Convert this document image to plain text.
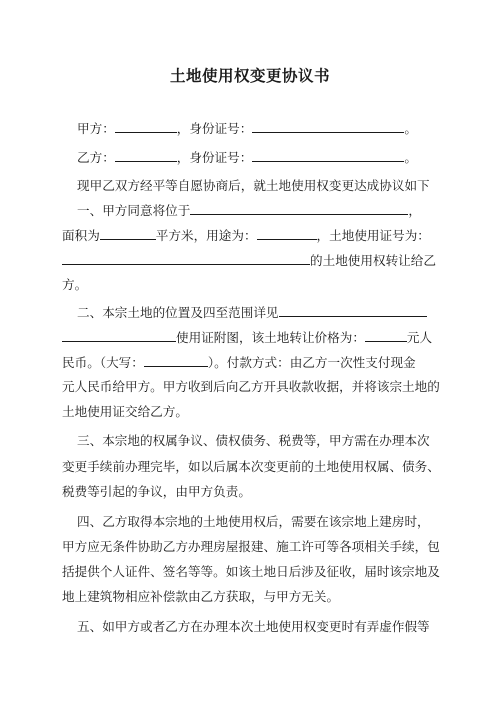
土地使用权变更协议书
甲方：	，身份证号：	。
乙方：	，身份证号：	。
现甲乙双方经平等自愿协商后，就土地使用权变更达成协议如下
一、甲方同意将位于	，
面积为	平方米，用途为：	，土地使用证号为：
的土地使用权转让给乙
方。
二、本宗土地的位置及四至范围详见
使用证附图，该土地转让价格为：	元人
民币。（大写：	）。付款方式：由乙方一次性支付现金
元人民币给甲方。甲方收到后向乙方开具收款收据，并将该宗土地的
土地使用证交给乙方。
三、本宗地的权属争议、债权债务、税费等，甲方需在办理本次
变更手续前办理完毕，如以后属本次变更前的土地使用权属、债务、
税费等引起的争议，由甲方负责。
四、乙方取得本宗地的土地使用权后，需要在该宗地上建房时，
甲方应无条件协助乙方办理房屋报建、施工许可等各项相关手续，包
括提供个人证件、签名等等。如该土地日后涉及征收，届时该宗地及
地上建筑物相应补偿款由乙方获取，与甲方无关。
五、如甲方或者乙方在办理本次土地使用权变更时有弄虚作假等
